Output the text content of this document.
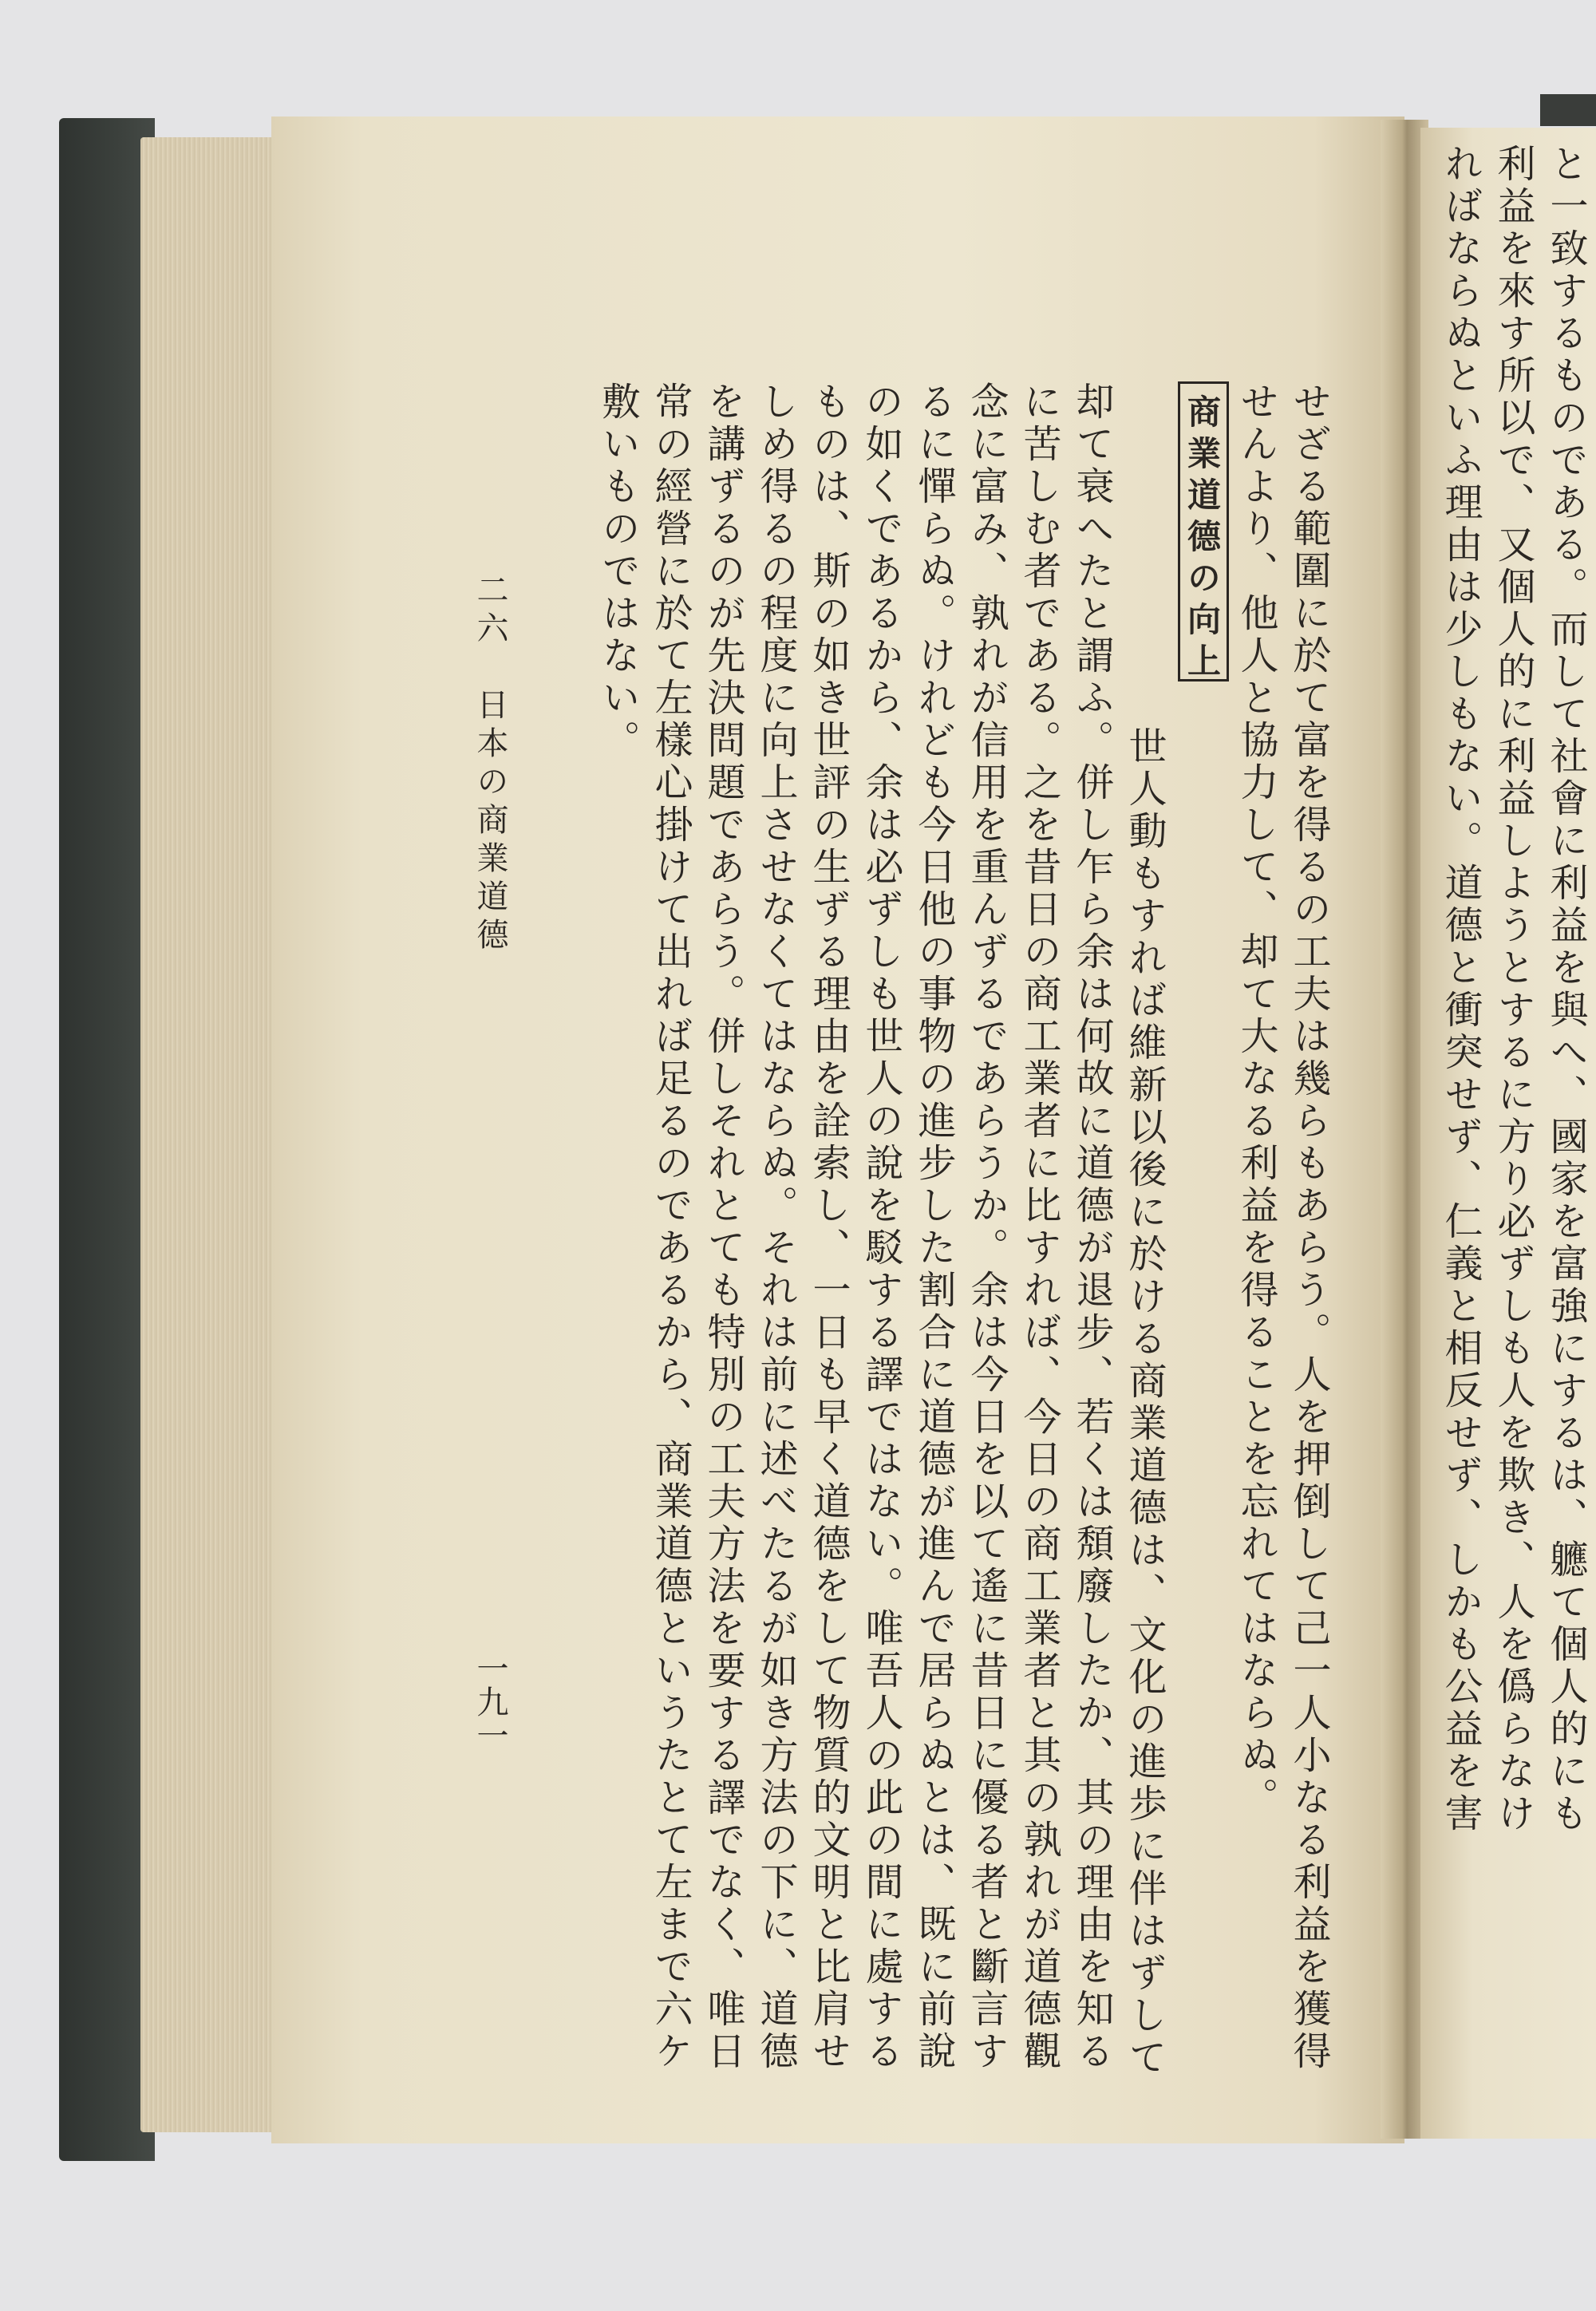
と一致するものである。而して社會に利益を與へ、國家を富強にするは、軈て個人的にも
利益を來す所以で、又個人的に利益しようとするに方り必ずしも人を欺き、人を僞らなけ
ればならぬといふ理由は少しもない。道德と衝突せず、仁義と相反せず、しかも公益を害
せざる範圍に於て富を得るの工夫は幾らもあらう。人を押倒して己一人小なる利益を獲得
せんより、他人と協力して、却て大なる利益を得ることを忘れてはならぬ。
商業道德の向上
世人動もすれば維新以後に於ける商業道德は、文化の進歩に伴はずして
却て衰へたと謂ふ。併し乍ら余は何故に道德が退步、若くは頽廢したか、其の理由を知る
に苦しむ者である。之を昔日の商工業者に比すれば、今日の商工業者と其の孰れが道德觀
念に富み、孰れが信用を重んずるであらうか。余は今日を以て遙に昔日に優る者と斷言す
るに憚らぬ。けれども今日他の事物の進步した割合に道德が進んで居らぬとは、既に前說
の如くであるから、余は必ずしも世人の說を駁する譯ではない。唯吾人の此の間に處する
ものは、斯の如き世評の生ずる理由を詮索し、一日も早く道德をして物質的文明と比肩せ
しめ得るの程度に向上させなくてはならぬ。それは前に述べたるが如き方法の下に、道德
を講ずるのが先決問題であらう。併しそれとても特別の工夫方法を要する譯でなく、唯日
常の經營に於て左樣心掛けて出れば足るのであるから、商業道德というたとて左まで六ケ
敷いものではない。
二六　日本の商業道德
一九一
